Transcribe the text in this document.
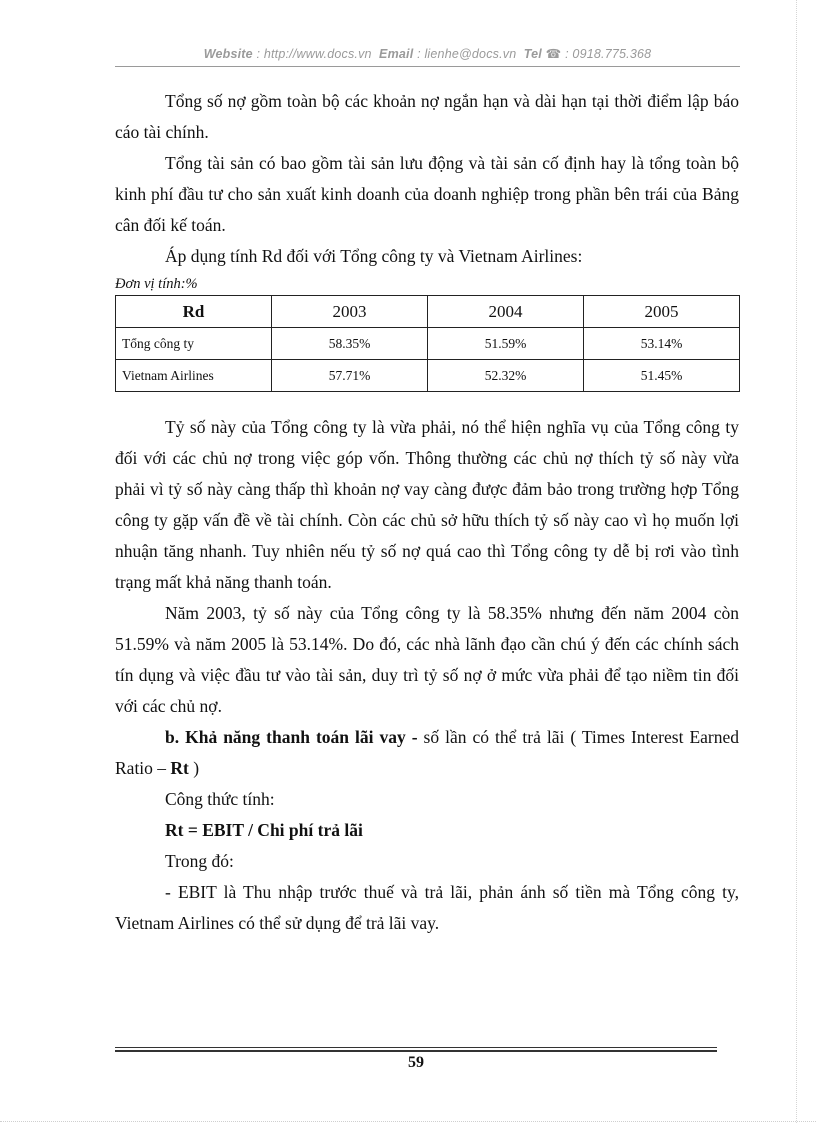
Website : http://www.docs.vn Email : lienhe@docs.vn Tel ☎ : 0918.775.368

Tổng số nợ gồm toàn bộ các khoản nợ ngắn hạn và dài hạn tại thời điểm lập báo cáo tài chính.

Tổng tài sản có bao gồm tài sản lưu động và tài sản cố định hay là tổng toàn bộ kinh phí đầu tư cho sản xuất kinh doanh của doanh nghiệp trong phần bên trái của Bảng cân đối kế toán.

Áp dụng tính Rd đối với Tổng công ty và Vietnam Airlines:

Đơn vị tính:%

Rd	2003	2004	2005
Tổng công ty	58.35%	51.59%	53.14%
Vietnam Airlines	57.71%	52.32%	51.45%

Tỷ số này của Tổng công ty là vừa phải, nó thể hiện nghĩa vụ của Tổng công ty đối với các chủ nợ trong việc góp vốn. Thông thường các chủ nợ thích tỷ số này vừa phải vì tỷ số này càng thấp thì khoản nợ vay càng được đảm bảo trong trường hợp Tổng công ty gặp vấn đề về tài chính. Còn các chủ sở hữu thích tỷ số này cao vì họ muốn lợi nhuận tăng nhanh. Tuy nhiên nếu tỷ số nợ quá cao thì Tổng công ty dễ bị rơi vào tình trạng mất khả năng thanh toán.

Năm 2003, tỷ số này của Tổng công ty là 58.35% nhưng đến năm 2004 còn 51.59% và năm 2005 là 53.14%. Do đó, các nhà lãnh đạo cần chú ý đến các chính sách tín dụng và việc đầu tư vào tài sản, duy trì tỷ số nợ ở mức vừa phải để tạo niềm tin đối với các chủ nợ.

b. Khả năng thanh toán lãi vay - số lần có thể trả lãi ( Times Interest Earned Ratio – Rt )

Công thức tính:

Rt = EBIT / Chi phí trả lãi

Trong đó:

- EBIT là Thu nhập trước thuế và trả lãi, phản ánh số tiền mà Tổng công ty, Vietnam Airlines có thể sử dụng để trả lãi vay.

59
